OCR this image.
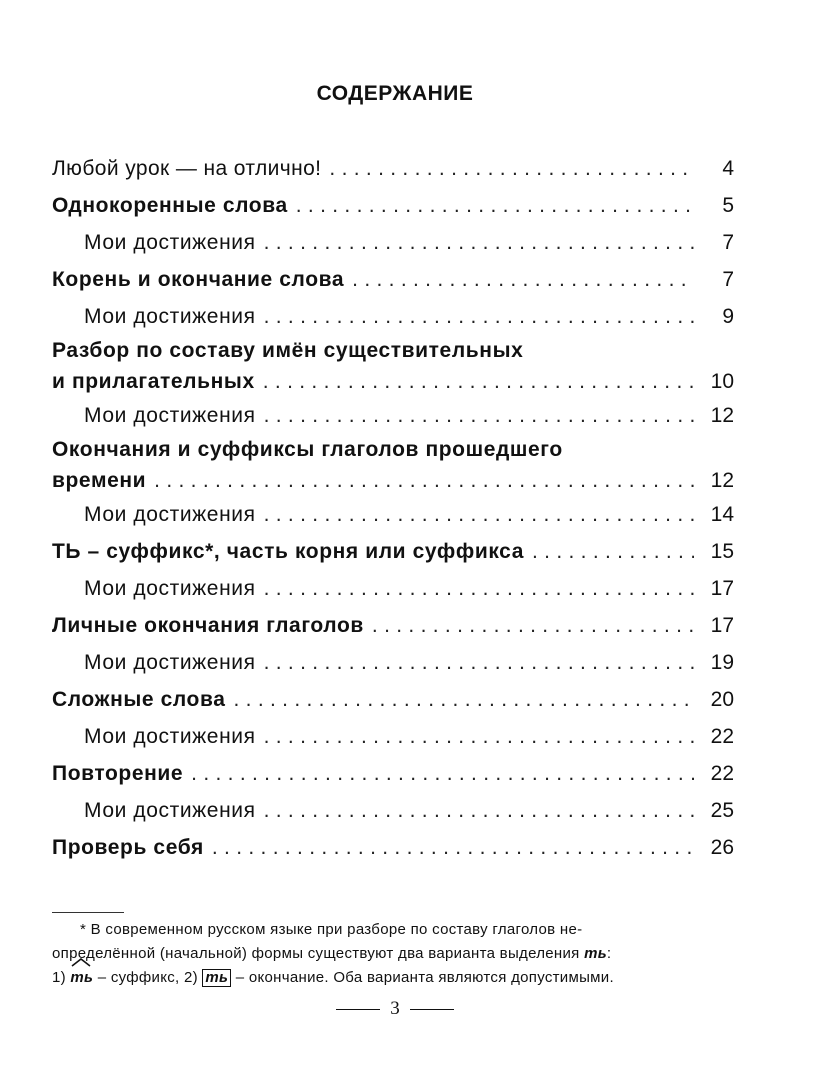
СОДЕРЖАНИЕ
Любой урок — на отлично! . . .	4
Однокоренные слова . . .	5
Мои достижения . . .	7
Корень и окончание слова . . .	7
Мои достижения . . .	9
Разбор по составу имён существительных
и прилагательных . . .	10
Мои достижения . . .	12
Окончания и суффиксы глаголов прошедшего
времени . . .	12
Мои достижения . . .	14
ТЬ – суффикс*, часть корня или суффикса . . .	15
Мои достижения . . .	17
Личные окончания глаголов . . .	17
Мои достижения . . .	19
Сложные слова . . .	20
Мои достижения . . .	22
Повторение . . .	22
Мои достижения . . .	25
Проверь себя . . .	26
* В современном русском языке при разборе по составу глаголов не-
определённой (начальной) формы существуют два варианта выделения ть:
1)
ть – суффикс, 2) ть – окончание. Оба варианта являются допустимыми.
3
